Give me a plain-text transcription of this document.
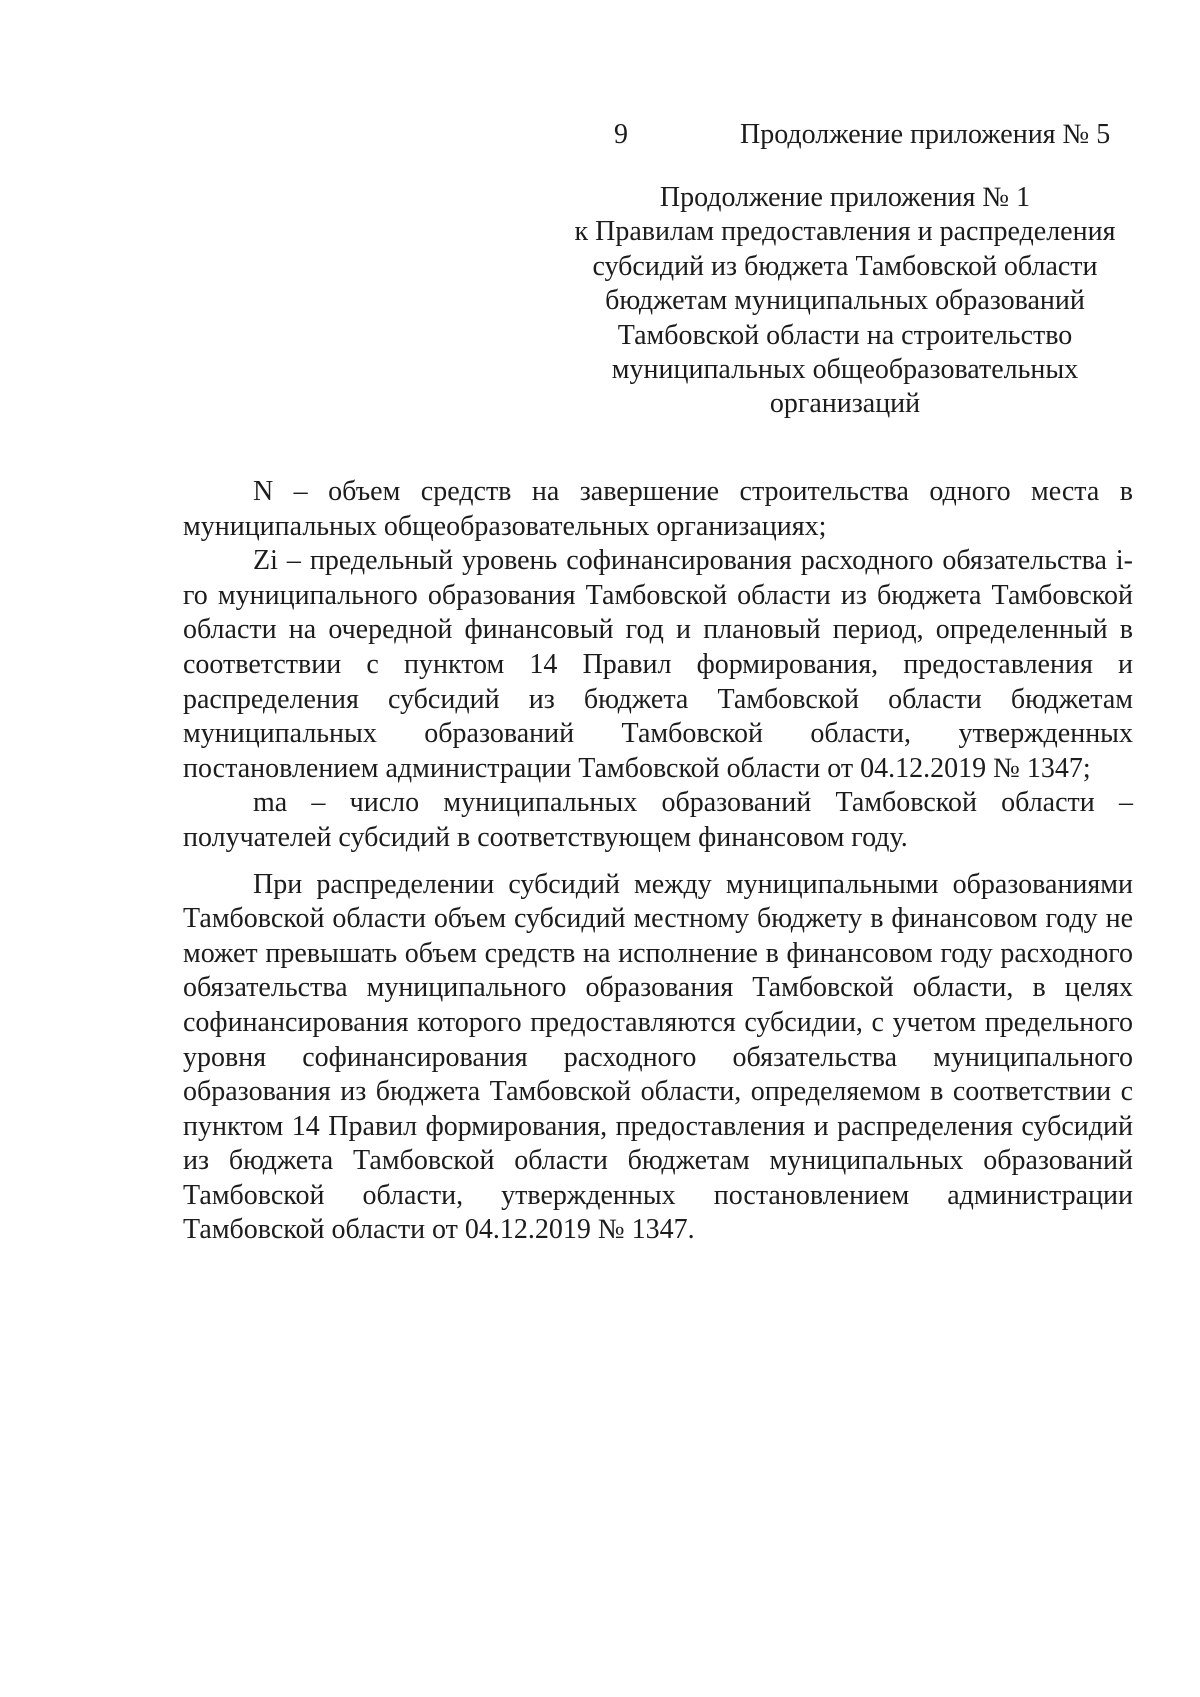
9	Продолжение приложения № 5
Продолжение приложения № 1
к Правилам предоставления и распределения
субсидий из бюджета Тамбовской области
бюджетам муниципальных образований
Тамбовской области на строительство
муниципальных общеобразовательных
организаций

N – объем средств на завершение строительства одного места в муниципальных общеобразовательных организациях;

Zi – предельный уровень софинансирования расходного обязательства i-го муниципального образования Тамбовской области из бюджета Тамбовской области на очередной финансовый год и плановый период, определенный в соответствии с пунктом 14 Правил формирования, предоставления и распределения субсидий из бюджета Тамбовской области бюджетам муниципальных образований Тамбовской области, утвержденных постановлением администрации Тамбовской области от 04.12.2019 № 1347;

ma – число муниципальных образований Тамбовской области – получателей субсидий в соответствующем финансовом году.

При распределении субсидий между муниципальными образованиями Тамбовской области объем субсидий местному бюджету в финансовом году не может превышать объем средств на исполнение в финансовом году расходного обязательства муниципального образования Тамбовской области, в целях софинансирования которого предоставляются субсидии, с учетом предельного уровня софинансирования расходного обязательства муниципального образования из бюджета Тамбовской области, определяемом в соответствии с пунктом 14 Правил формирования, предоставления и распределения субсидий из бюджета Тамбовской области бюджетам муниципальных образований Тамбовской области, утвержденных постановлением администрации Тамбовской области от 04.12.2019 № 1347.
